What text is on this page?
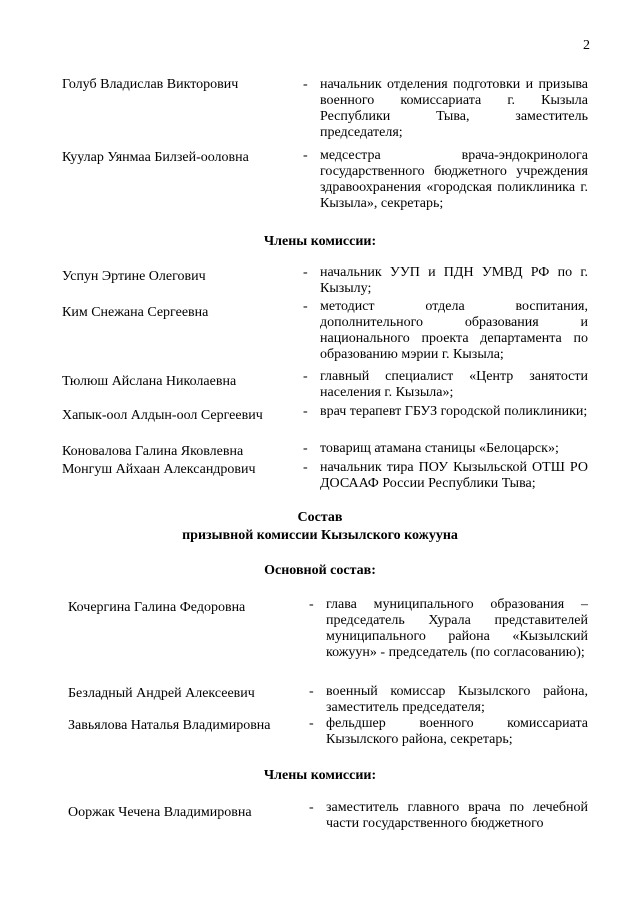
2
Голуб Владислав Викторович	- начальник отделения подготовки и призыва военного комиссариата г. Кызыла Республики Тыва, заместитель председателя;
Куулар Уянмаа Билзей-ооловна	- медсестра врача-эндокринолога государственного бюджетного учреждения здравоохранения «городская поликлиника г. Кызыла», секретарь;
Члены комиссии:
Успун Эртине Олегович	- начальник УУП и ПДН УМВД РФ по г. Кызылу;
Ким Снежана Сергеевна	- методист отдела воспитания, дополнительного образования и национального проекта департамента по образованию мэрии г. Кызыла;
Тюлюш Айслана Николаевна	- главный специалист «Центр занятости населения г. Кызыла»;
Хапык-оол Алдын-оол Сергеевич	- врач терапевт ГБУЗ городской поликлиники;
Коновалова Галина Яковлевна	- товарищ атамана станицы «Белоцарск»;
Монгуш Айхаан Александрович	- начальник тира ПОУ Кызыльской ОТШ РО ДОСААФ России Республики Тыва;
Состав
призывной комиссии Кызылского кожууна
Основной состав:
Кочергина Галина Федоровна	- глава муниципального образования – председатель Хурала представителей муниципального района «Кызылский кожуун» - председатель (по согласованию);
Безладный Андрей Алексеевич	- военный комиссар Кызылского района, заместитель председателя;
Завьялова Наталья Владимировна	- фельдшер военного комиссариата Кызылского района, секретарь;
Члены комиссии:
Ооржак Чечена Владимировна	- заместитель главного врача по лечебной части государственного бюджетного
